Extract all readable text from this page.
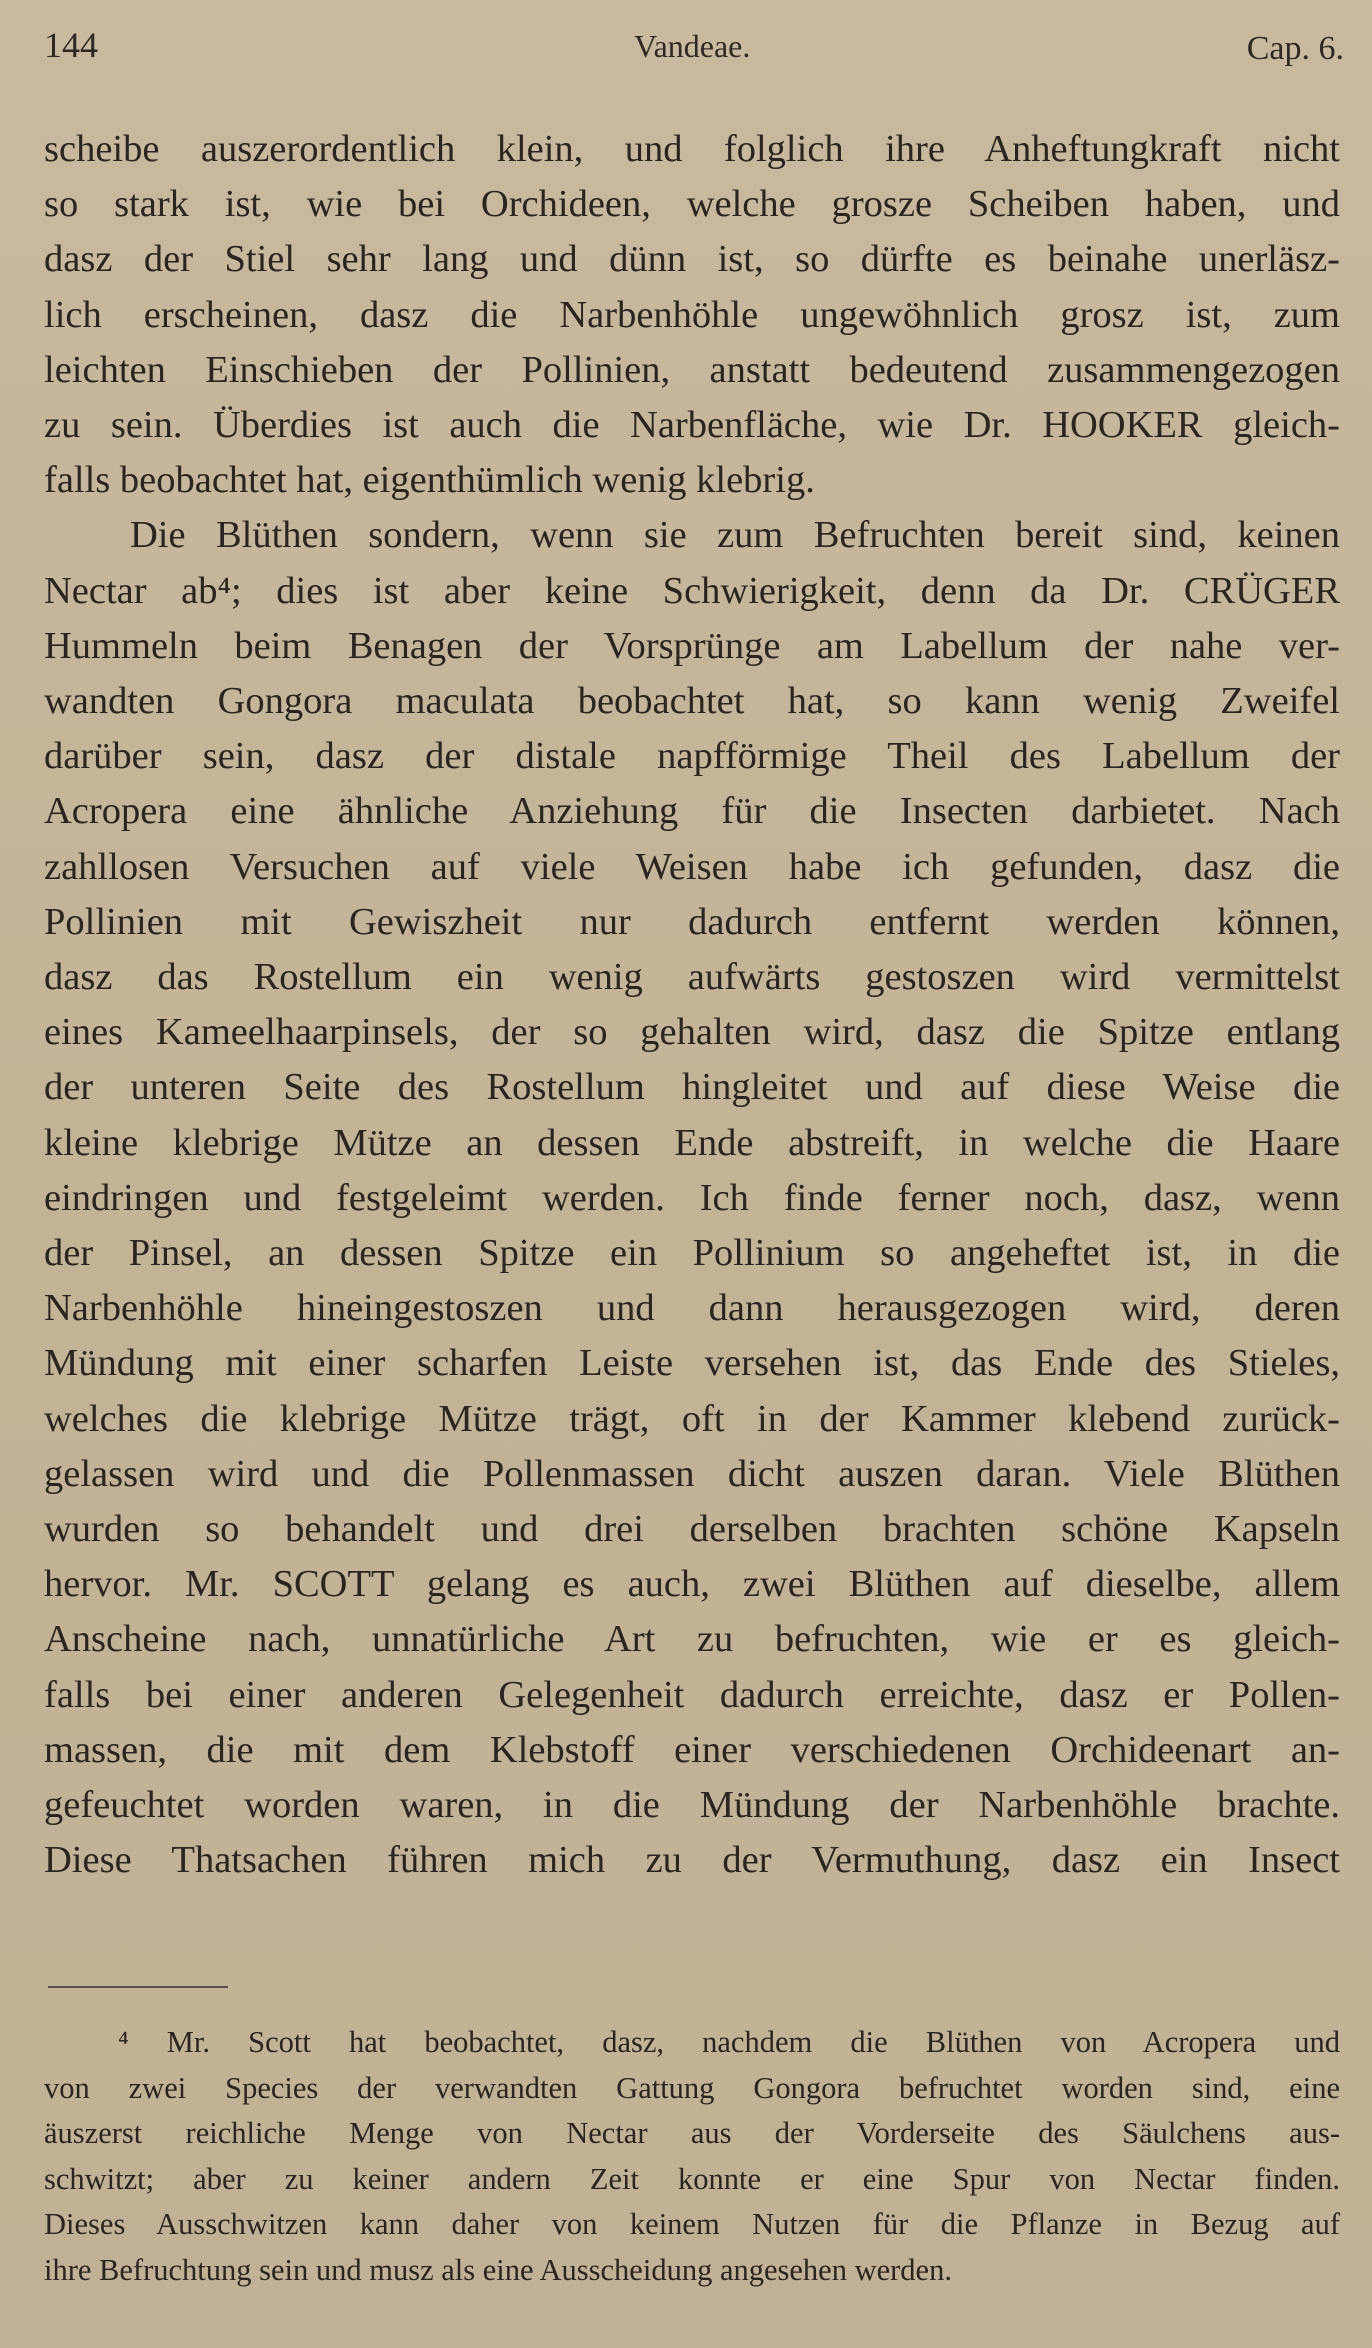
144	Vandeae.	Cap. 6.
scheibe auszerordentlich klein, und folglich ihre Anheftungkraft nicht
so stark ist, wie bei Orchideen, welche grosze Scheiben haben, und
dasz der Stiel sehr lang und dünn ist, so dürfte es beinahe unerläsz-
lich erscheinen, dasz die Narbenhöhle ungewöhnlich grosz ist, zum
leichten Einschieben der Pollinien, anstatt bedeutend zusammengezogen
zu sein. Überdies ist auch die Narbenfläche, wie Dr. HOOKER gleich-
falls beobachtet hat, eigenthümlich wenig klebrig.
Die Blüthen sondern, wenn sie zum Befruchten bereit sind, keinen
Nectar ab⁴; dies ist aber keine Schwierigkeit, denn da Dr. CRÜGER
Hummeln beim Benagen der Vorsprünge am Labellum der nahe ver-
wandten Gongora maculata beobachtet hat, so kann wenig Zweifel
darüber sein, dasz der distale napfförmige Theil des Labellum der
Acropera eine ähnliche Anziehung für die Insecten darbietet. Nach
zahllosen Versuchen auf viele Weisen habe ich gefunden, dasz die
Pollinien mit Gewiszheit nur dadurch entfernt werden können,
dasz das Rostellum ein wenig aufwärts gestoszen wird vermittelst
eines Kameelhaarpinsels, der so gehalten wird, dasz die Spitze entlang
der unteren Seite des Rostellum hingleitet und auf diese Weise die
kleine klebrige Mütze an dessen Ende abstreift, in welche die Haare
eindringen und festgeleimt werden. Ich finde ferner noch, dasz, wenn
der Pinsel, an dessen Spitze ein Pollinium so angeheftet ist, in die
Narbenhöhle hineingestoszen und dann herausgezogen wird, deren
Mündung mit einer scharfen Leiste versehen ist, das Ende des Stieles,
welches die klebrige Mütze trägt, oft in der Kammer klebend zurück-
gelassen wird und die Pollenmassen dicht auszen daran. Viele Blüthen
wurden so behandelt und drei derselben brachten schöne Kapseln
hervor. Mr. SCOTT gelang es auch, zwei Blüthen auf dieselbe, allem
Anscheine nach, unnatürliche Art zu befruchten, wie er es gleich-
falls bei einer anderen Gelegenheit dadurch erreichte, dasz er Pollen-
massen, die mit dem Klebstoff einer verschiedenen Orchideenart an-
gefeuchtet worden waren, in die Mündung der Narbenhöhle brachte.
Diese Thatsachen führen mich zu der Vermuthung, dasz ein Insect
⁴ Mr. Scott hat beobachtet, dasz, nachdem die Blüthen von Acropera und
von zwei Species der verwandten Gattung Gongora befruchtet worden sind, eine
äuszerst reichliche Menge von Nectar aus der Vorderseite des Säulchens aus-
schwitzt; aber zu keiner andern Zeit konnte er eine Spur von Nectar finden.
Dieses Ausschwitzen kann daher von keinem Nutzen für die Pflanze in Bezug auf
ihre Befruchtung sein und musz als eine Ausscheidung angesehen werden.
